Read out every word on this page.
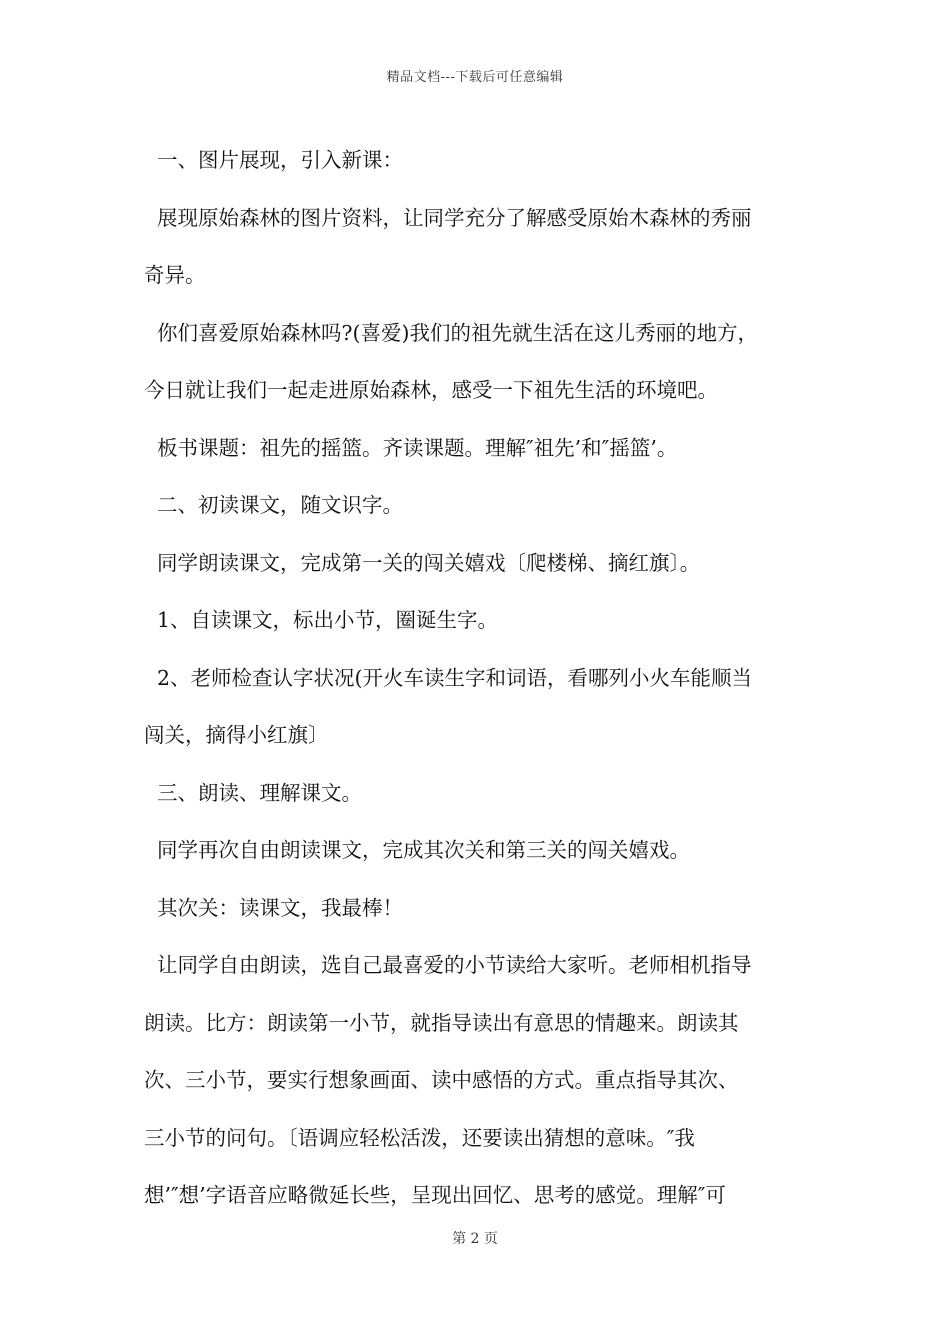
精品文档---下载后可任意编辑
一、图片展现，引入新课：
展现原始森林的图片资料，让同学充分了解感受原始木森林的秀丽
奇异。
你们喜爱原始森林吗?(喜爱)我们的祖先就生活在这儿秀丽的地方，
今日就让我们一起走进原始森林，感受一下祖先生活的环境吧。
板书课题：祖先的摇篮。齐读课题。理解″祖先’和″摇篮’。
二、初读课文，随文识字。
同学朗读课文，完成第一关的闯关嬉戏〔爬楼梯、摘红旗〕。
1、自读课文，标出小节，圈诞生字。
2、老师检查认字状况(开火车读生字和词语，看哪列小火车能顺当
闯关，摘得小红旗〕
三、朗读、理解课文。
同学再次自由朗读课文，完成其次关和第三关的闯关嬉戏。
其次关：读课文，我最棒！
让同学自由朗读，选自己最喜爱的小节读给大家听。老师相机指导
朗读。比方：朗读第一小节，就指导读出有意思的情趣来。朗读其
次、三小节，要实行想象画面、读中感悟的方式。重点指导其次、
三小节的问句。〔语调应轻松活泼，还要读出猜想的意味。″我
想’″想’字语音应略微延长些，呈现出回忆、思考的感觉。理解″可
第 2 页
